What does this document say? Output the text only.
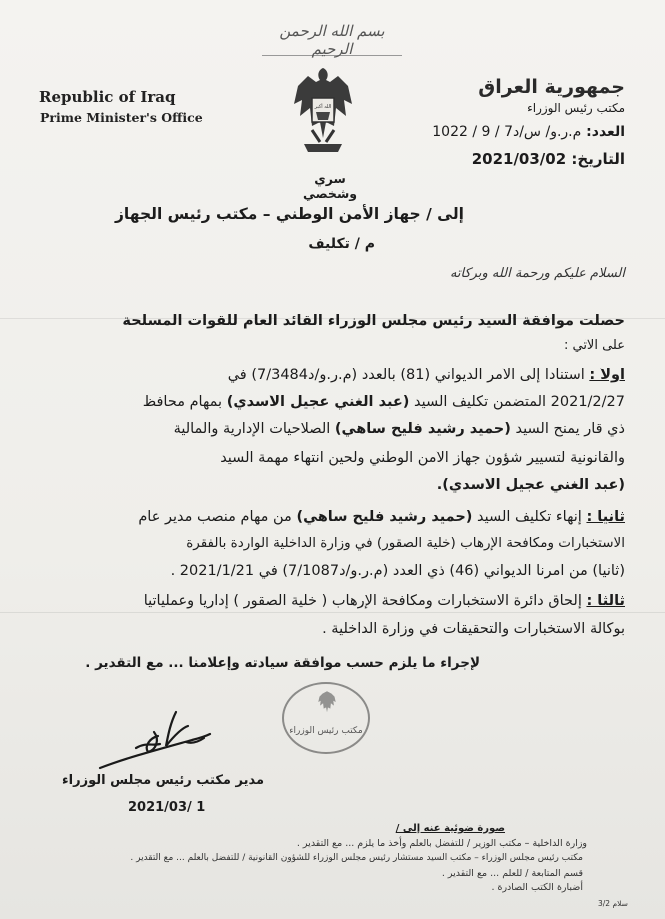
بسم الله الرحمن الرحيم
Republic of Iraq
Prime Minister's Office
جمهورية العراق
مكتب رئيس الوزراء
الله أكبر
سري وشخصي
العدد: م.ر.و/ س/د7 / 9 / 1022
التاريخ: 2021/03/02
إلى / جهاز الأمن الوطني – مكتب رئيس الجهاز
م / تكليف
السلام عليكم ورحمة الله وبركاته
حصلت موافقة السيد رئيس مجلس الوزراء القائد العام للقوات المسلحة
على الآتي :
أولاً : استناداً إلى الأمر الديواني (81) بالعدد (م.ر.و/د7/3484) في
2021/2/27 المتضمن تكليف السيد (عبد الغني عجيل الأسدي) بمهام محافظ
ذي قار يمنح السيد (حميد رشيد فليح ساهي) الصلاحيات الإدارية والمالية
والقانونية لتسيير شؤون جهاز الأمن الوطني ولحين انتهاء مهمة السيد
(عبد الغني عجيل الأسدي).
ثانياً : إنهاء تكليف السيد (حميد رشيد فليح ساهي) من مهام منصب مدير عام
الاستخبارات ومكافحة الإرهاب (خلية الصقور) في وزارة الداخلية الواردة بالفقرة
(ثانياً) من أمرنا الديواني (46) ذي العدد (م.ر.و/د7/1087) في 2021/1/21 .
ثالثاً : إلحاق دائرة الاستخبارات ومكافحة الإرهاب ( خلية الصقور ) إدارياً وعملياتياً
بوكالة الاستخبارات والتحقيقات في وزارة الداخلية .
لإجراء ما يلزم حسب موافقة سيادته وإعلامنا ... مع التقدير .
مكتب رئيس الوزراء
مدير مكتب رئيس مجلس الوزراء
2021/03/ 1
صورة ضوئية عنه إلى /
وزارة الداخلية – مكتب الوزير / للتفضل بالعلم وأخذ ما يلزم ... مع التقدير .
مكتب رئيس مجلس الوزراء – مكتب السيد مستشار رئيس مجلس الوزراء للشؤون القانونية / للتفضل بالعلم ... مع التقدير .
قسم المتابعة / للعلم ... مع التقدير .
أضبارة الكتب الصادرة .
سلام 3/2
